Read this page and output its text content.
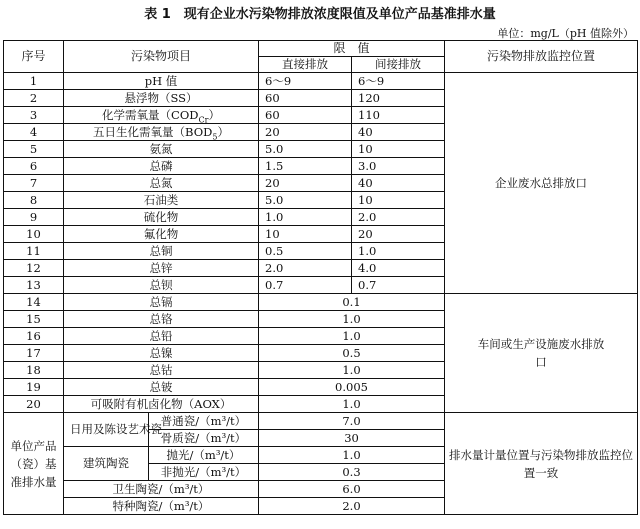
表 1　现有企业水污染物排放浓度限值及单位产品基准排水量
单位：mg/L（pH 值除外）
序号	污染物项目		限　值		污染物排放监控位置
			直接排放	间接排放	
1	pH 值		6～9	6～9	企业废水总排放口
2	悬浮物（SS）		60	120	
3	化学需氧量$(COD_{Cr})$		60	110	
4	五日生化需氧量$(BOD_5)$		20	40	
5	氨氮		5.0	10	
6	总磷		1.5	3.0	
7	总氮		20	40	
8	石油类		5.0	10	
9	硫化物		1.0	2.0	
10	氟化物		10	20	
11	总铜		0.5	1.0	
12	总锌		2.0	4.0	
13	总钡		0.7	0.7	
14	总镉		0.1		车间或生产设施废水排放口
15	总铬		1.0		
16	总铅		1.0		
17	总镍		0.5		
18	总钴		1.0		
19	总铍		0.005		
20	可吸附有机卤化物（AOX）		1.0		
单位产品（瓷）基准排水量	日用及陈设艺术瓷	普通瓷/（m³/t）	7.0		排水量计量位置与污染物排放监控位置一致
		骨质瓷/（m³/t）	30		
	建筑陶瓷	抛光/（m³/t）	1.0		
		非抛光/（m³/t）	0.3		
	卫生陶瓷/（m³/t）		6.0		
	特种陶瓷/（m³/t）		2.0		
